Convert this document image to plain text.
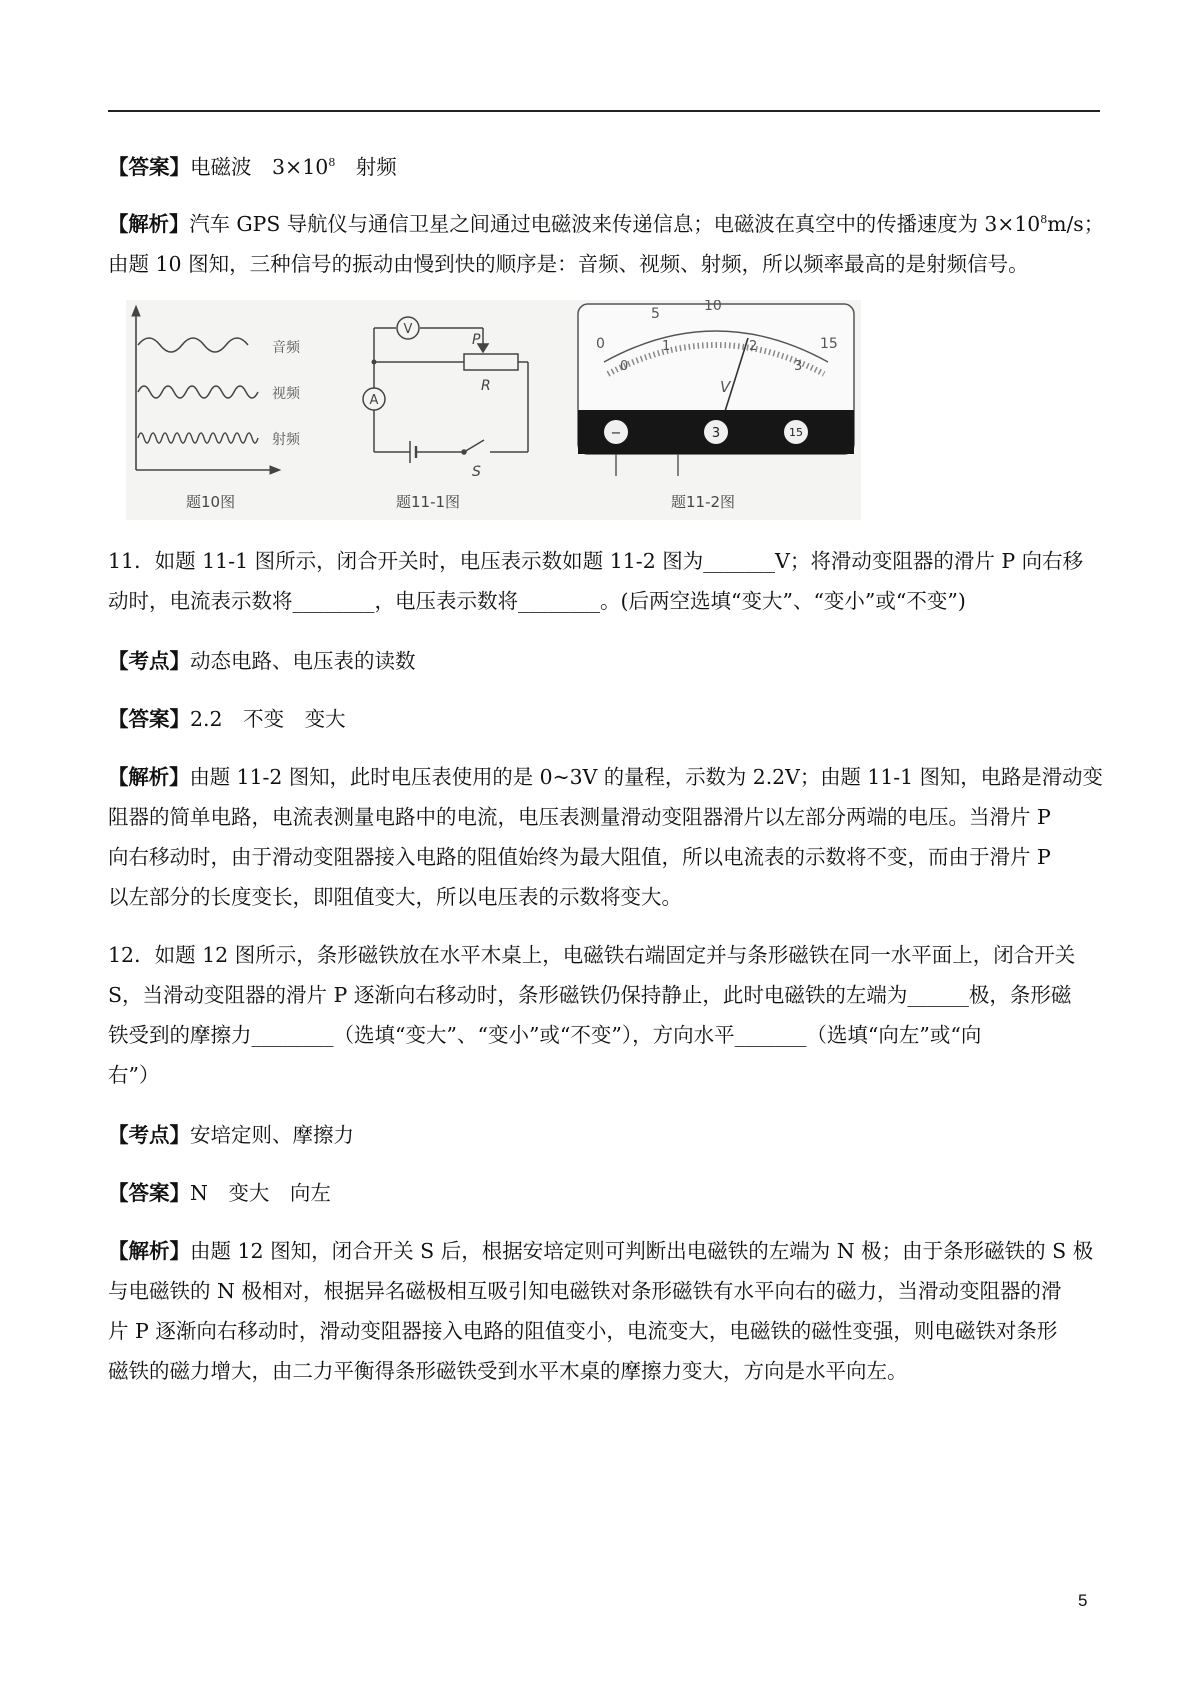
【答案】电磁波　$3\times 10^8$　射频
【解析】汽车 GPS 导航仪与通信卫星之间通过电磁波来传递信息；电磁波在真空中的传播速度为 $3\times 10^8m/s$；
由题 10 图知，三种信号的振动由慢到快的顺序是：音频、视频、射频，所以频率最高的是射频信号。
音频
视频
射频
题10图
V
A
P
R
S
题11-1图
0
5	10
15
0
1	2
3
V
−	3	15
题11-2图
11．如题 11-1 图所示，闭合开关时，电压表示数如题 11-2 图为_______V；将滑动变阻器的滑片 P 向右移
动时，电流表示数将________，电压表示数将________。(后两空选填“变大”、“变小”或“不变”)
【考点】动态电路、电压表的读数
【答案】2.2　不变　变大
【解析】由题 11-2 图知，此时电压表使用的是 0~3V 的量程，示数为 2.2V；由题 11-1 图知，电路是滑动变
阻器的简单电路，电流表测量电路中的电流，电压表测量滑动变阻器滑片以左部分两端的电压。当滑片 P
向右移动时，由于滑动变阻器接入电路的阻值始终为最大阻值，所以电流表的示数将不变，而由于滑片 P
以左部分的长度变长，即阻值变大，所以电压表的示数将变大。
12．如题 12 图所示，条形磁铁放在水平木桌上，电磁铁右端固定并与条形磁铁在同一水平面上，闭合开关
S，当滑动变阻器的滑片 P 逐渐向右移动时，条形磁铁仍保持静止，此时电磁铁的左端为______极，条形磁
铁受到的摩擦力________（选填“变大”、“变小”或“不变”），方向水平_______（选填“向左”或“向
右”）
【考点】安培定则、摩擦力
【答案】N　变大　向左
【解析】由题 12 图知，闭合开关 S 后，根据安培定则可判断出电磁铁的左端为 N 极；由于条形磁铁的 S 极
与电磁铁的 N 极相对，根据异名磁极相互吸引知电磁铁对条形磁铁有水平向右的磁力，当滑动变阻器的滑
片 P 逐渐向右移动时，滑动变阻器接入电路的阻值变小，电流变大，电磁铁的磁性变强，则电磁铁对条形
磁铁的磁力增大，由二力平衡得条形磁铁受到水平木桌的摩擦力变大，方向是水平向左。
5
